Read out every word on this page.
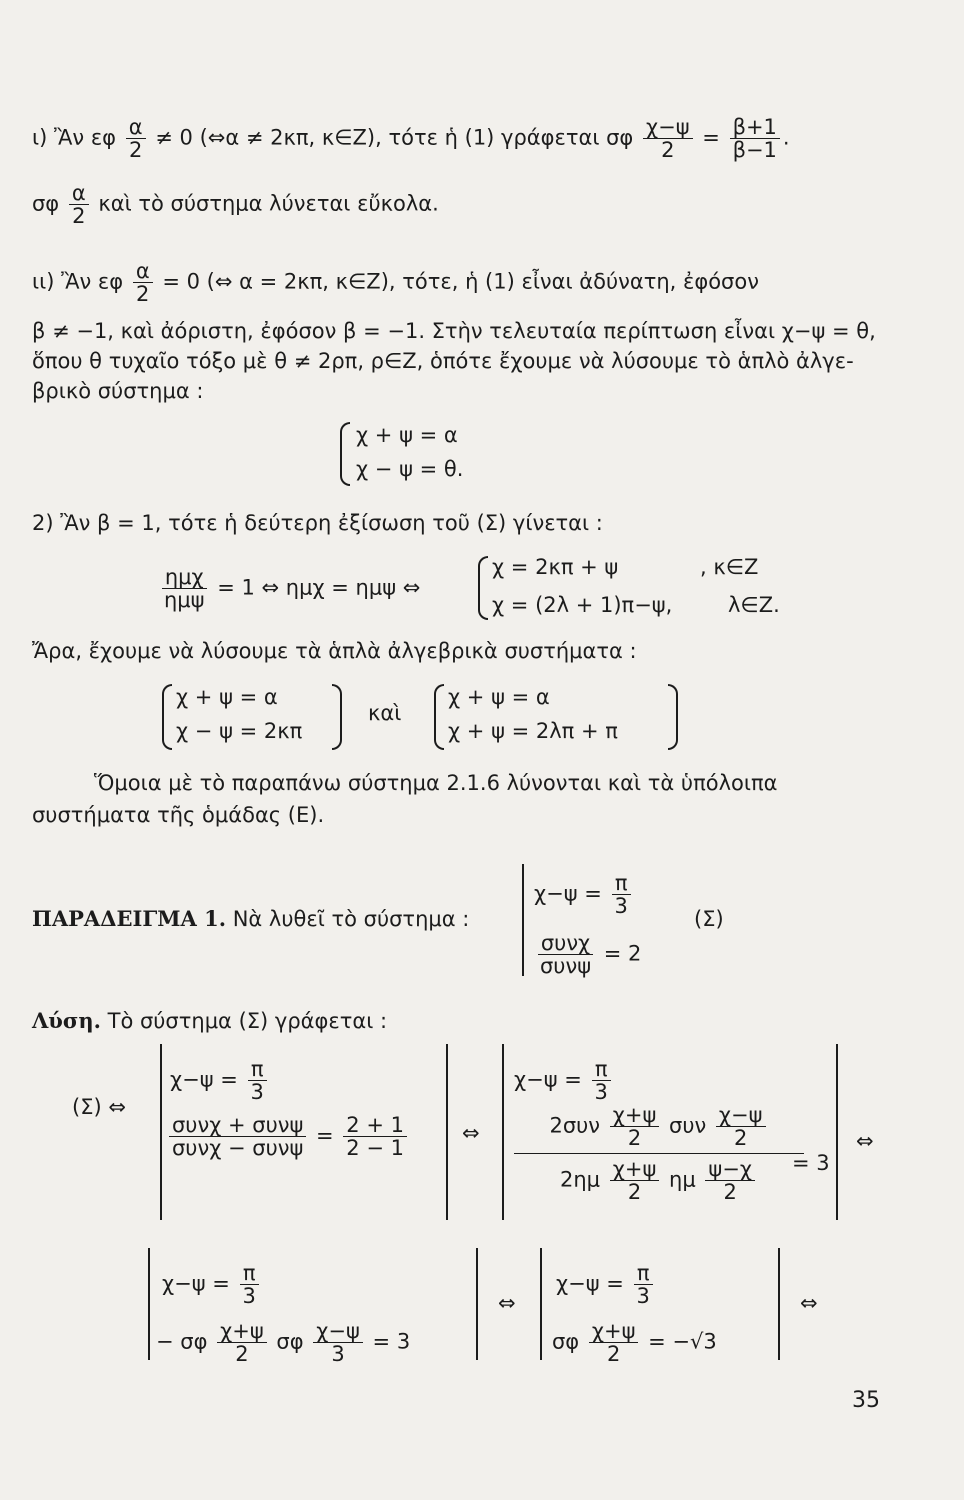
ι) Ἂν εφ $\frac{\alpha}{2} \ne 0$ (⇔α ≠ 2κπ, κ∈Z), τότε ἡ (1) γράφεται σφ $\frac{\chi-\psi}{2} = \frac{\beta+1}{\beta-1}$ .
σφ $\frac{\alpha}{2}$ καὶ τὸ σύστημα λύνεται εὔκολα.
ιι) Ἂν εφ $\frac{\alpha}{2} = 0$ (⇔ α = 2κπ, κ∈Z), τότε, ἡ (1) εἶναι ἀδύνατη, ἐφόσον
β ≠ −1, καὶ ἀόριστη, ἐφόσον β = −1. Στὴν τελευταία περίπτωση εἶναι χ−ψ = θ,
ὅπου θ τυχαῖο τόξο μὲ θ ≠ 2ρπ, ρ∈Z, ὁπότε ἔχουμε νὰ λύσουμε τὸ ἁπλὸ ἀλγε-
βρικὸ σύστημα :
χ + ψ = α
χ − ψ = θ.
2) Ἂν β = 1, τότε ἡ δεύτερη ἐξίσωση τοῦ (Σ) γίνεται :
$\frac{\text{ημχ}}{\text{ημψ}} = 1$ ⇔ ημχ = ημψ ⇔
χ = 2κπ + ψ	, κ∈Z
χ = (2λ + 1)π−ψ,	λ∈Z.
Ἄρα, ἔχουμε νὰ λύσουμε τὰ ἁπλὰ ἀλγεβρικὰ συστήματα :
χ + ψ = α
χ − ψ = 2κπ
καὶ
χ + ψ = α
χ + ψ = 2λπ + π
Ὅμοια μὲ τὸ παραπάνω σύστημα 2.1.6 λύνονται καὶ τὰ ὑπόλοιπα
συστήματα τῆς ὁμάδας (Ε).
ΠΑΡΑΔΕΙΓΜΑ 1. Νὰ λυθεῖ τὸ σύστημα :
$\chi-\psi = \frac{\pi}{3}$
$\frac{\text{συνχ}}{\text{συνψ}} = 2$
(Σ)
Λύση. Τὸ σύστημα (Σ) γράφεται :
(Σ) ⇔
$\chi-\psi = \frac{\pi}{3}$
$\frac{\text{συνχ + συνψ}}{\text{συνχ − συνψ}} = \frac{2 + 1}{2 - 1}$	⇔
$\chi-\psi = \frac{\pi}{3}$
$2\sigma\upsilon\nu \frac{\chi+\psi}{2}$ συν $\frac{\chi-\psi}{2}$
$2\eta\mu \frac{\chi+\psi}{2}$ ημ $\frac{\psi-\chi}{2} = 3$
⇔
$\chi-\psi = \frac{\pi}{3}$
− σφ $\frac{\chi+\psi}{2}$ σφ $\frac{\chi-\psi}{3} = 3$
⇔
$\chi-\psi = \frac{\pi}{3}$
σφ $\frac{\chi+\psi}{2} = -√3$
⇔
35
